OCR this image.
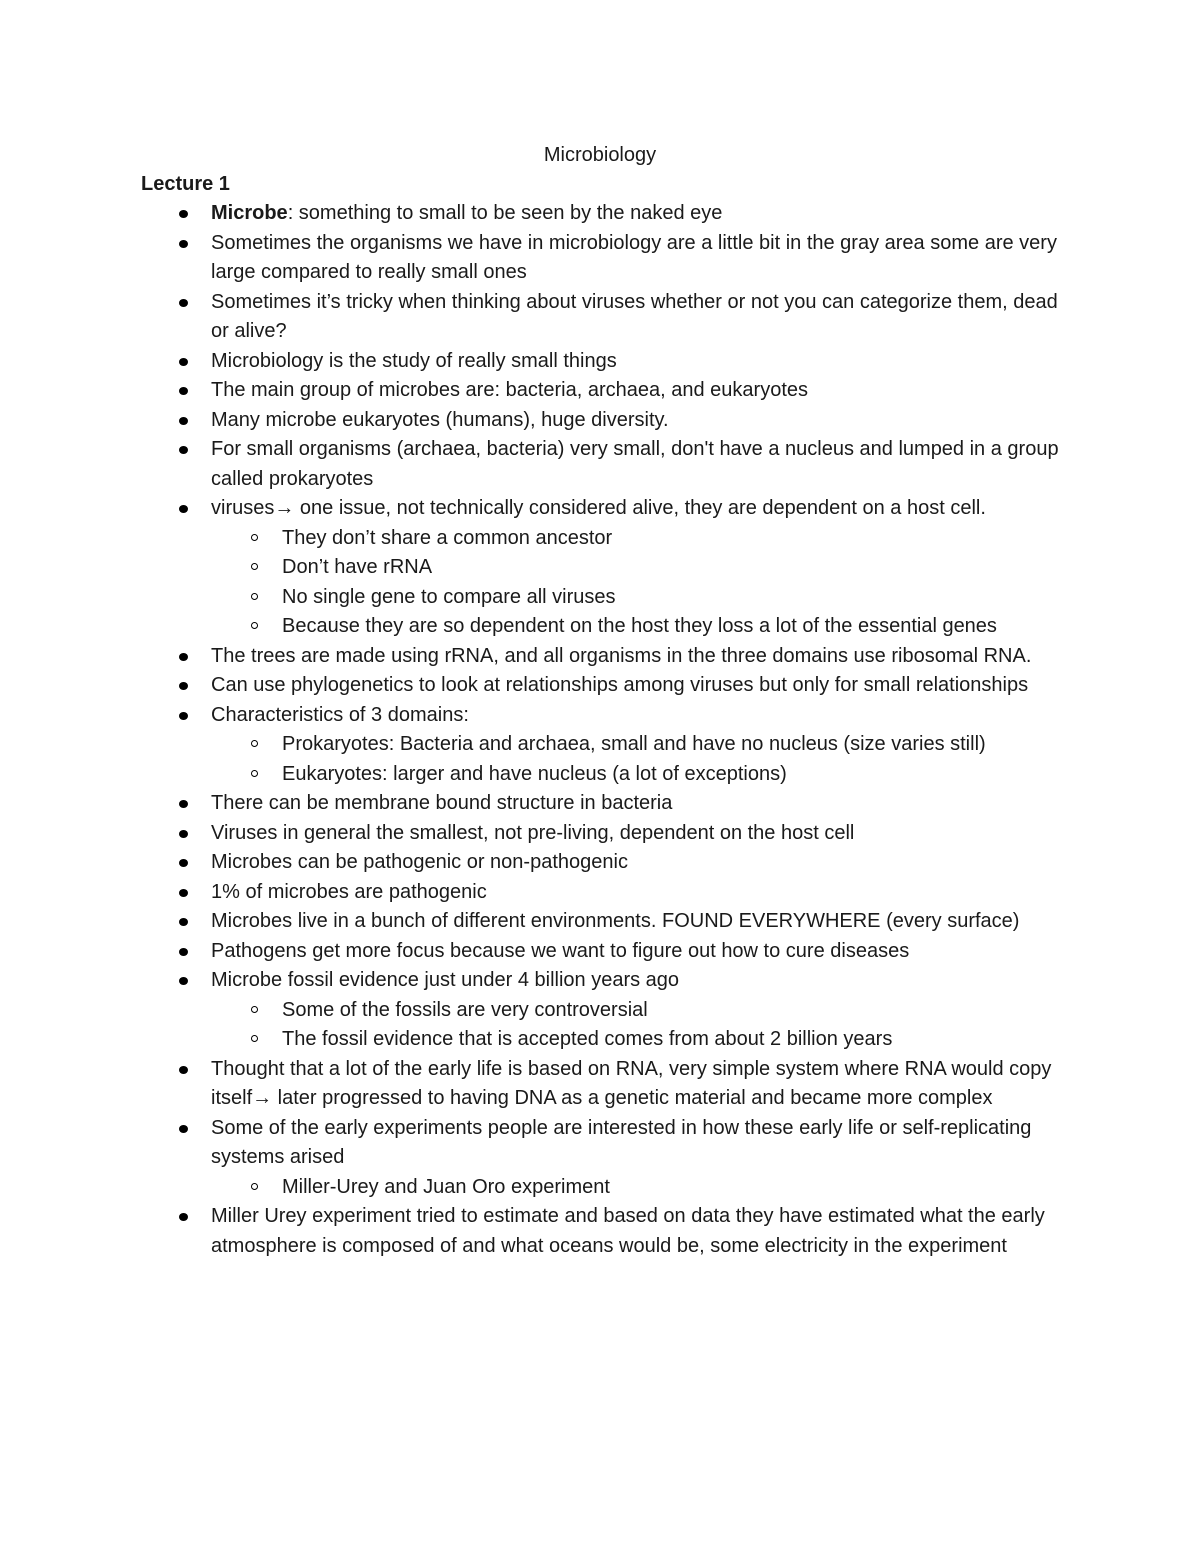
Microbiology
Lecture 1
Microbe: something to small to be seen by the naked eye
Sometimes the organisms we have in microbiology are a little bit in the gray area some are very large compared to really small ones
Sometimes it’s tricky when thinking about viruses whether or not you can categorize them, dead or alive?
Microbiology is the study of really small things
The main group of microbes are: bacteria, archaea, and eukaryotes
Many microbe eukaryotes (humans), huge diversity.
For small organisms (archaea, bacteria) very small, don't have a nucleus and lumped in a group called prokaryotes
viruses→ one issue, not technically considered alive, they are dependent on a host cell.
They don’t share a common ancestor
Don’t have rRNA
No single gene to compare all viruses
Because they are so dependent on the host they loss a lot of the essential genes
The trees are made using rRNA, and all organisms in the three domains use ribosomal RNA.
Can use phylogenetics to look at relationships among viruses but only for small relationships
Characteristics of 3 domains:
Prokaryotes: Bacteria and archaea, small and have no nucleus (size varies still)
Eukaryotes: larger and have nucleus (a lot of exceptions)
There can be membrane bound structure in bacteria
Viruses in general the smallest, not pre-living, dependent on the host cell
Microbes can be pathogenic or non-pathogenic
1% of microbes are pathogenic
Microbes live in a bunch of different environments. FOUND EVERYWHERE (every surface)
Pathogens get more focus because we want to figure out how to cure diseases
Microbe fossil evidence just under 4 billion years ago
Some of the fossils are very controversial
The fossil evidence that is accepted comes from about 2 billion years
Thought that a lot of the early life is based on RNA, very simple system where RNA would copy itself→ later progressed to having DNA as a genetic material and became more complex
Some of the early experiments people are interested in how these early life or self-replicating systems arised
Miller-Urey and Juan Oro experiment
Miller Urey experiment tried to estimate and based on data they have estimated what the early atmosphere is composed of and what oceans would be, some electricity in the experiment
